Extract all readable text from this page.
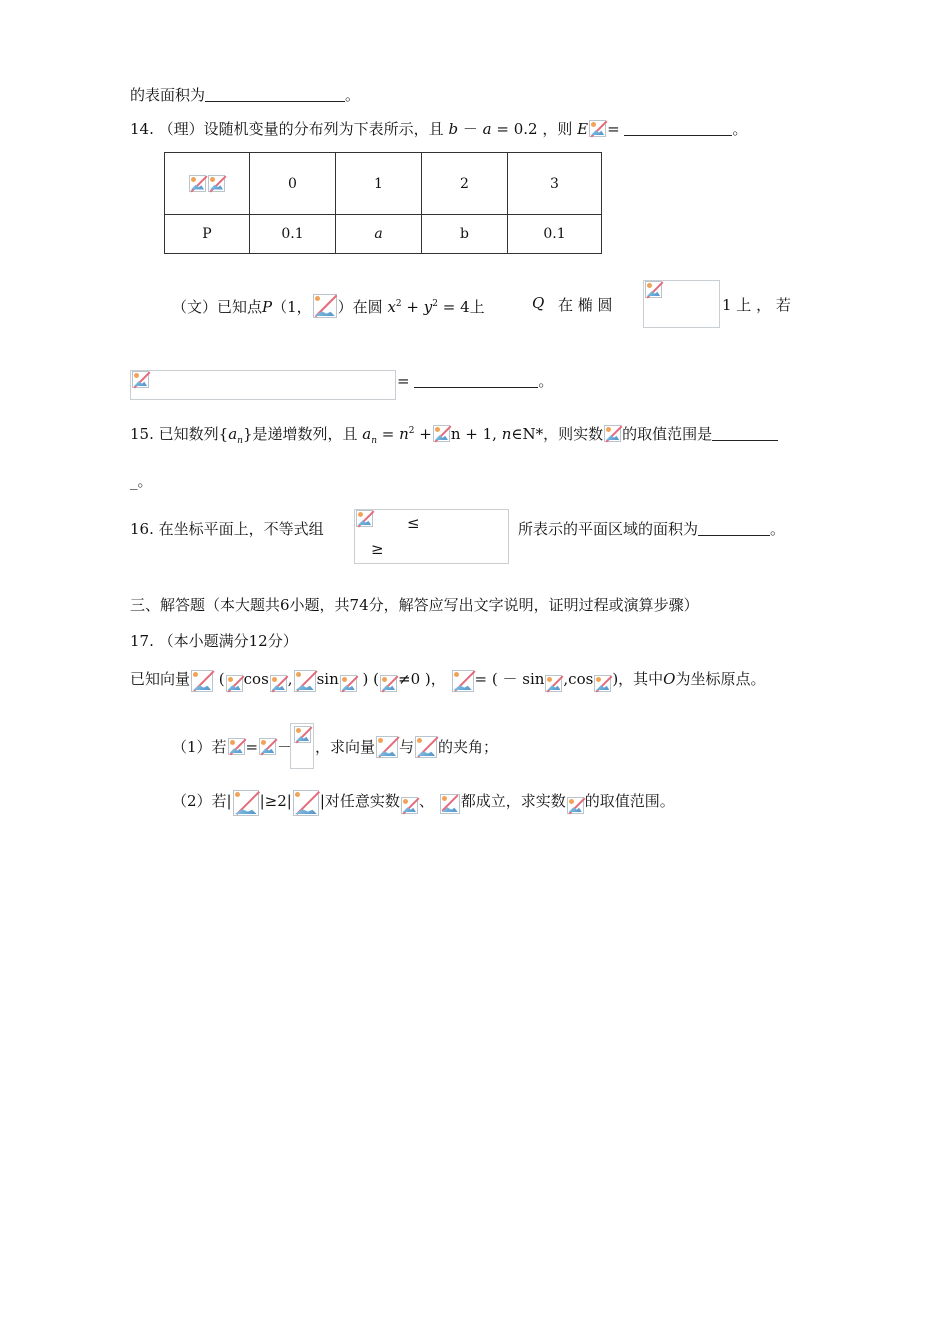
的表面积为	。
14. （理）设随机变量的分布列为下表所示，且 b － a = 0.2 ，则 E =	。
	0	1	2	3
P	0.1	a	b	0.1
（文）已知点P（1， ）在圆 $x^2 + y^2 = 4$上	Q 在 椭 圆	1 上 ， 若
=	。
15. 已知数列$\{a_n\}$是递增数列，且 $a_n = n^2 + n + 1$, n∈N*，则实数 的取值范围是
_。
16. 在坐标平面上，不等式组	≤
≥
所表示的平面区域的面积为	。
三、解答题（本大题共6小题，共74分，解答应写出文字说明，证明过程或演算步骤）
17. （本小题满分12分）
已知向量 ( cos , sin ) ( ≠0 )， = ( － sin ,cos )，其中O为坐标原点。
（1）若 = － ，求向量 与 的夹角；
（2）若| |≥2| |对任意实数 、 都成立，求实数 的取值范围。
